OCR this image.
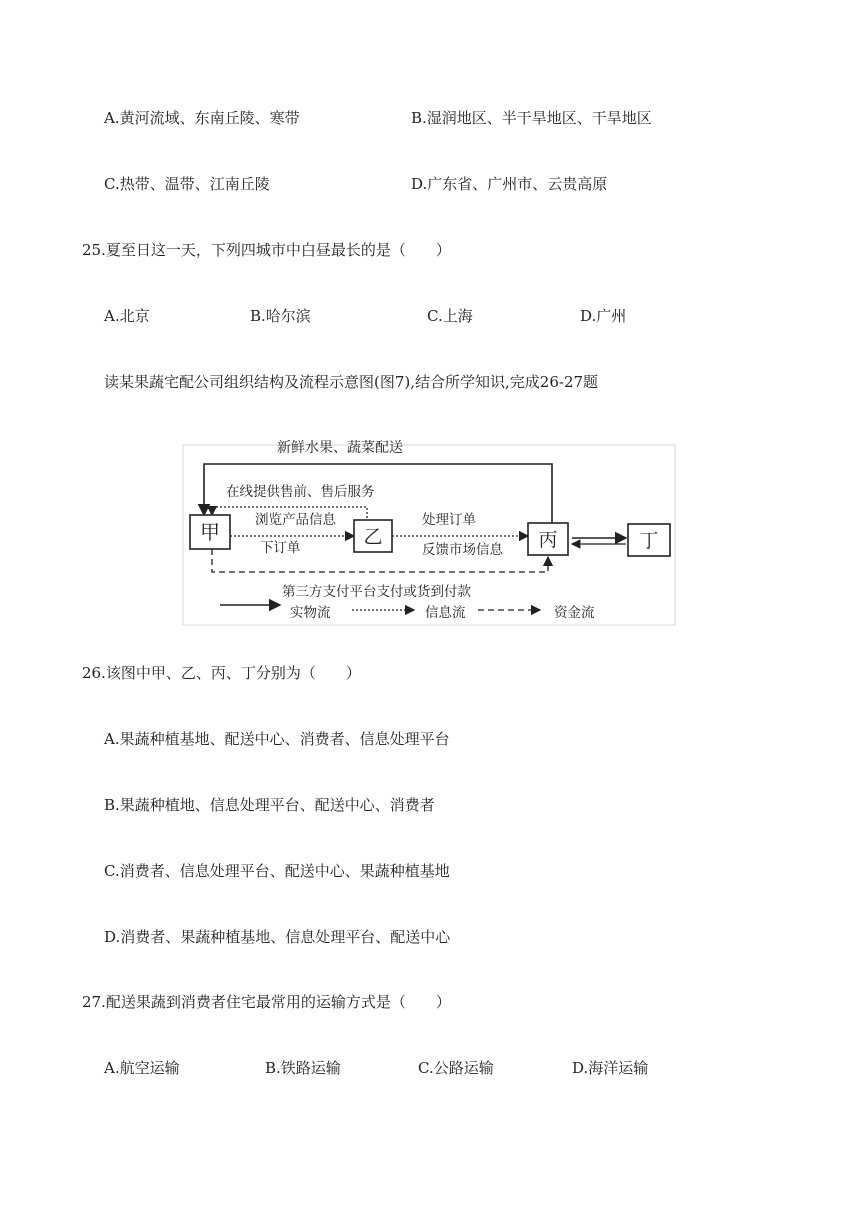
A.黄河流域、东南丘陵、寒带	B.湿润地区、半干旱地区、干旱地区
C.热带、温带、江南丘陵	D.广东省、广州市、云贵高原
25.夏至日这一天，下列四城市中白昼最长的是（　　）
A.北京	B.哈尔滨	C.上海	D.广州
读某果蔬宅配公司组织结构及流程示意图(图7),结合所学知识,完成26-27题
新鲜水果、蔬菜配送
在线提供售前、售后服务
甲	浏览产品信息
下订单	乙
处理订单
反馈市场信息 丙	丁
第三方支付平台支付或货到付款
实物流	信息流	资金流
26.该图中甲、乙、丙、丁分别为（　　）
A.果蔬种植基地、配送中心、消费者、信息处理平台
B.果蔬种植地、信息处理平台、配送中心、消费者
C.消费者、信息处理平台、配送中心、果蔬种植基地
D.消费者、果蔬种植基地、信息处理平台、配送中心
27.配送果蔬到消费者住宅最常用的运输方式是（　　）
A.航空运输	B.铁路运输	C.公路运输	D.海洋运输
